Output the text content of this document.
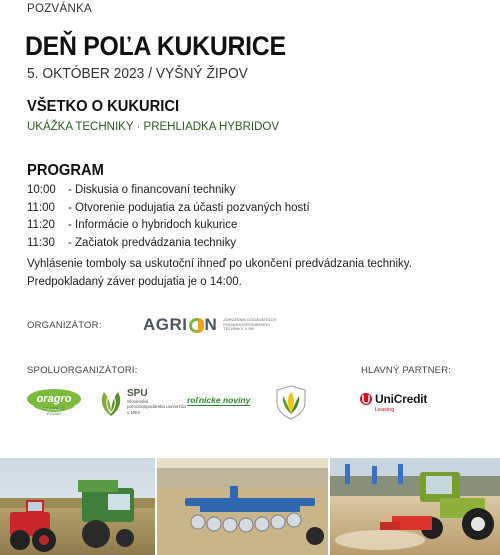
POZVÁNKA
DEŇ POĽA KUKURICE
5. OKTÓBER 2023 / VYŠNÝ ŽIPOV
VŠETKO O KUKURICI
UKÁŽKA TECHNIKY · PREHLIADKA HYBRIDOV
PROGRAM
10:00	- Diskusia o financovaní techniky
11:00	- Otvorenie podujatia za účasti pozvaných hostí
11:20	- Informácie o hybridoch kukurice
11:30	- Začiatok predvádzania techniky
Vyhlásenie tomboly sa uskutoční ihneď po ukončení predvádzania techniky.
Predpokladaný záver podujatia je o 14:00.
ORGANIZÁTOR: AGRI N ZDRUŽENIE DODÁVATEĽOV POĽNOHOSPODÁRSKEJ TECHNIKY V SR
SPOLUORGANIZÁTORI:	HLAVNÝ PARTNER:
oragro
OTVORENÉ POĽNO
SPU
Slovenská poľnohospodárska univerzita v Nitre
roľnícke noviny	UniCredit
Leasing
